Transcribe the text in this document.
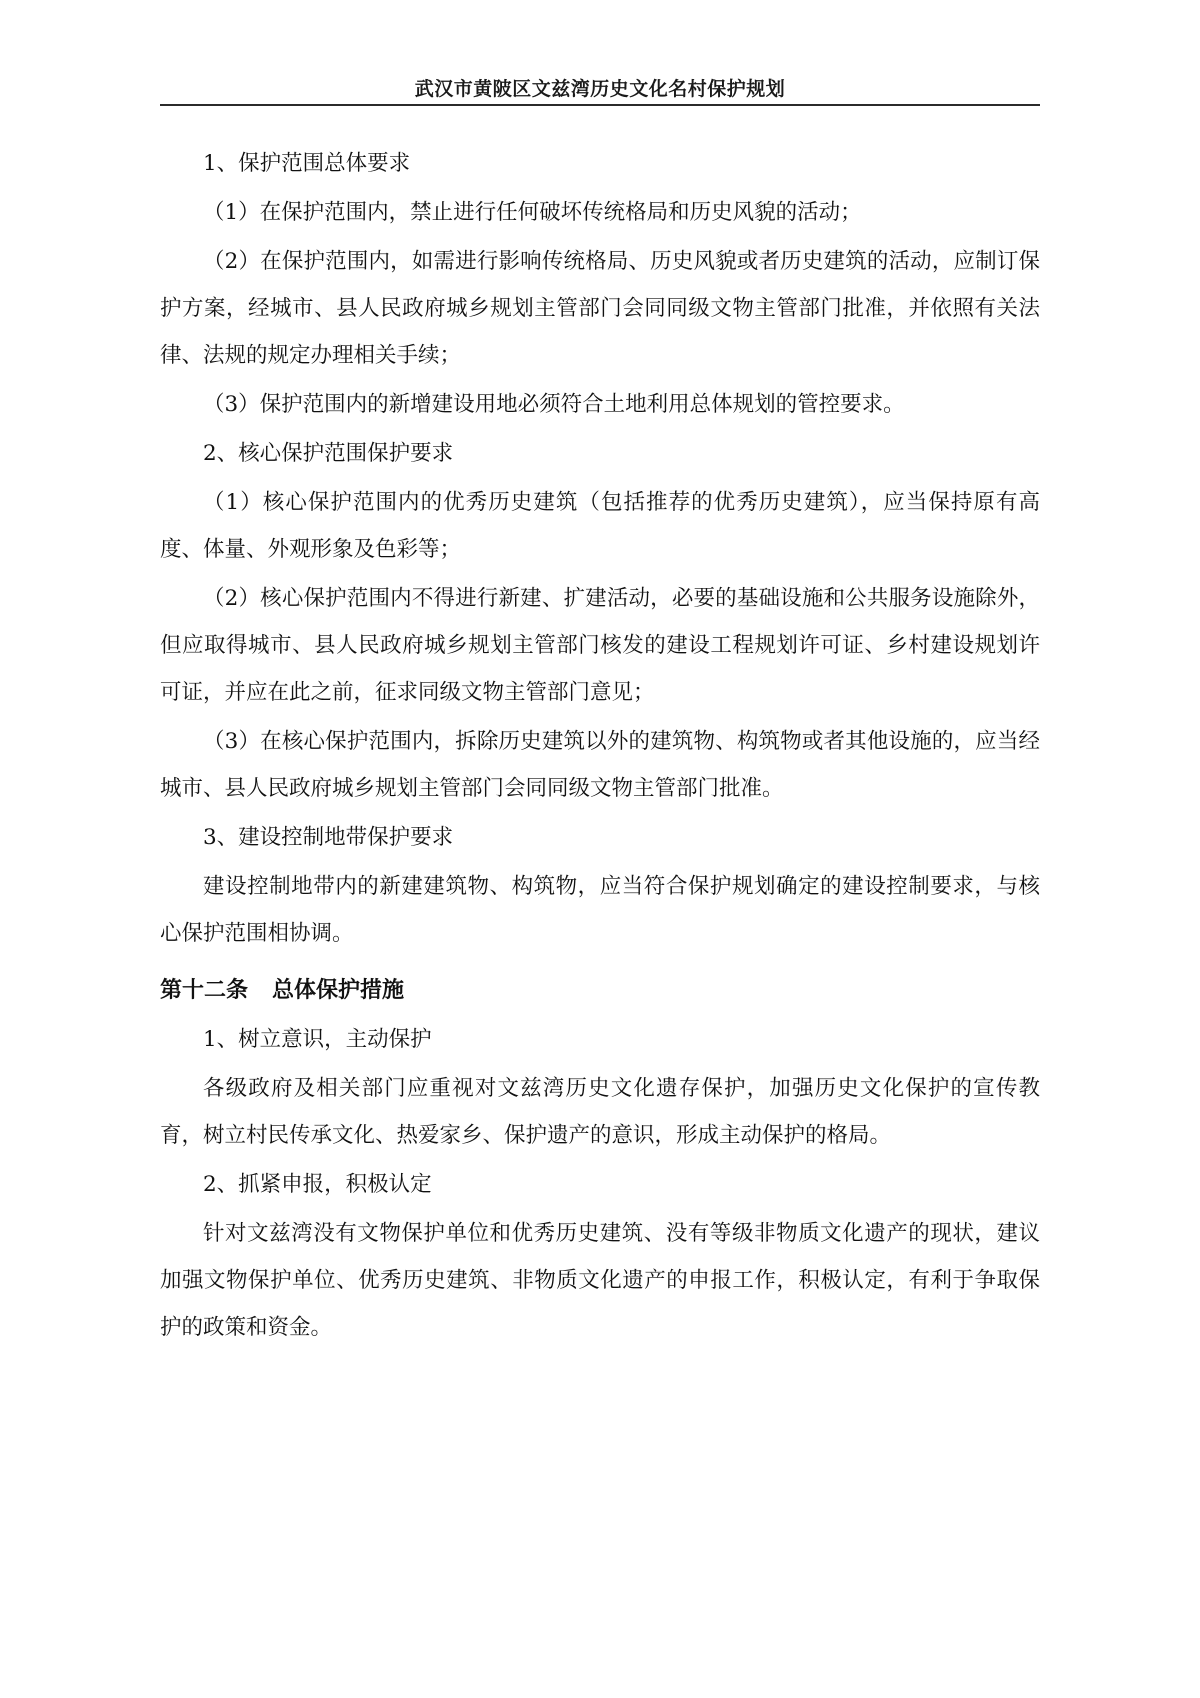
武汉市黄陂区文兹湾历史文化名村保护规划

1、保护范围总体要求

（1）在保护范围内，禁止进行任何破坏传统格局和历史风貌的活动；

（2）在保护范围内，如需进行影响传统格局、历史风貌或者历史建筑的活动，应制订保护方案，经城市、县人民政府城乡规划主管部门会同同级文物主管部门批准，并依照有关法律、法规的规定办理相关手续；

（3）保护范围内的新增建设用地必须符合土地利用总体规划的管控要求。

2、核心保护范围保护要求

（1）核心保护范围内的优秀历史建筑（包括推荐的优秀历史建筑），应当保持原有高度、体量、外观形象及色彩等；

（2）核心保护范围内不得进行新建、扩建活动，必要的基础设施和公共服务设施除外，但应取得城市、县人民政府城乡规划主管部门核发的建设工程规划许可证、乡村建设规划许可证，并应在此之前，征求同级文物主管部门意见；

（3）在核心保护范围内，拆除历史建筑以外的建筑物、构筑物或者其他设施的，应当经城市、县人民政府城乡规划主管部门会同同级文物主管部门批准。

3、建设控制地带保护要求

建设控制地带内的新建建筑物、构筑物，应当符合保护规划确定的建设控制要求，与核心保护范围相协调。

第十二条 总体保护措施

1、树立意识，主动保护

各级政府及相关部门应重视对文兹湾历史文化遗存保护，加强历史文化保护的宣传教育，树立村民传承文化、热爱家乡、保护遗产的意识，形成主动保护的格局。

2、抓紧申报，积极认定

针对文兹湾没有文物保护单位和优秀历史建筑、没有等级非物质文化遗产的现状，建议加强文物保护单位、优秀历史建筑、非物质文化遗产的申报工作，积极认定，有利于争取保护的政策和资金。
